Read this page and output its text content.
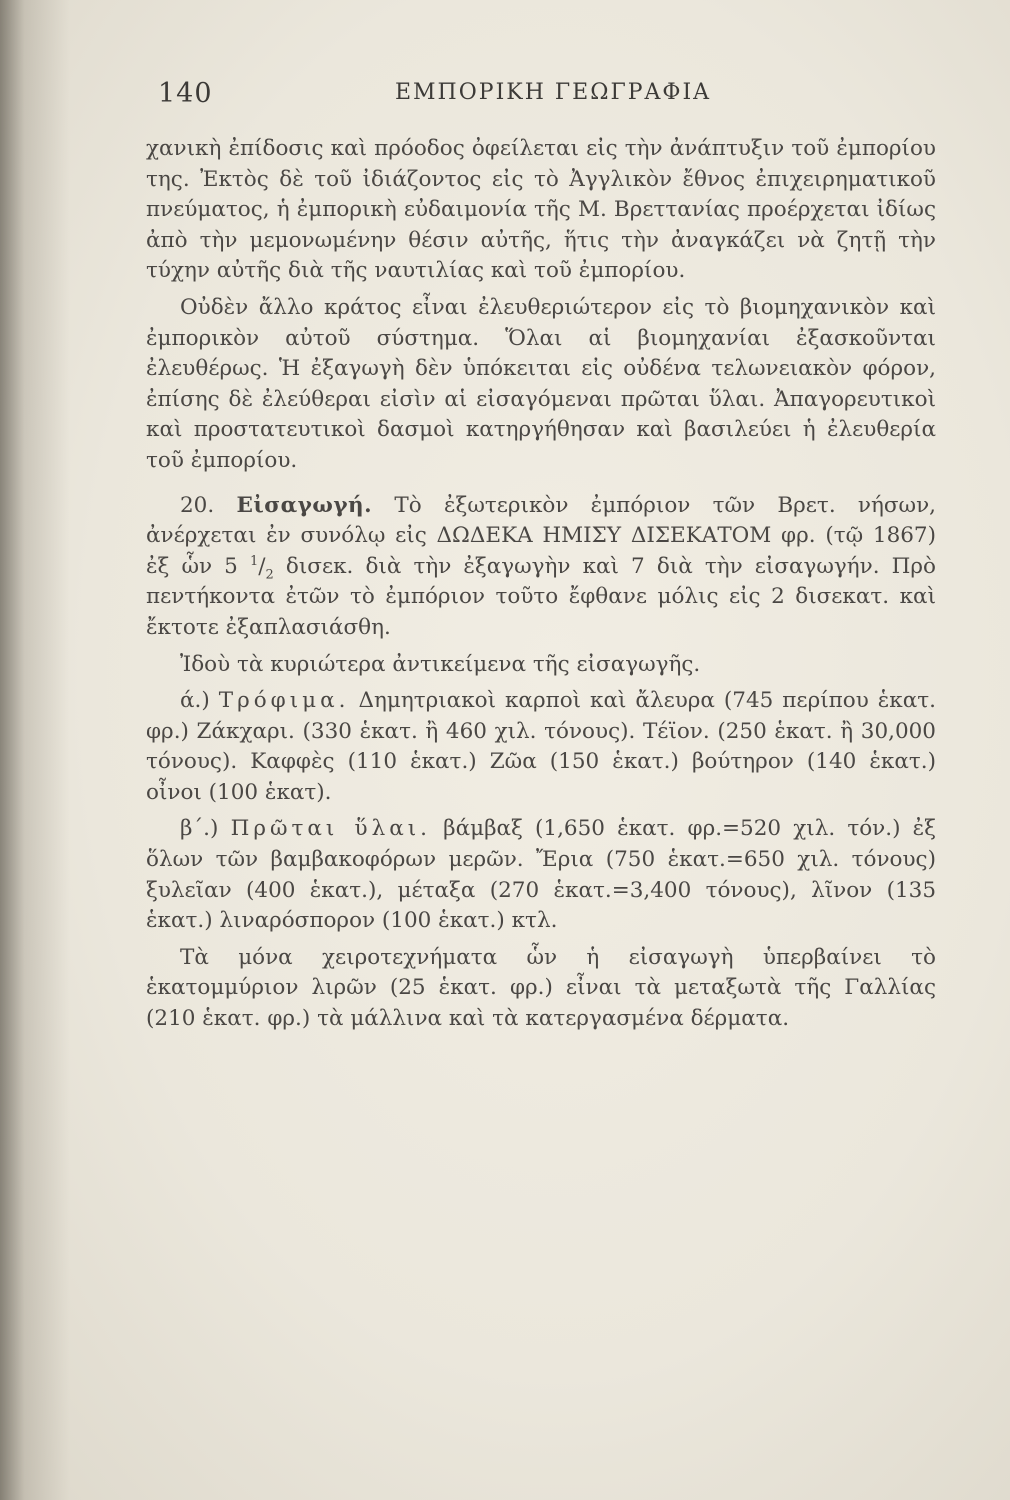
140	ΕΜΠΟΡΙΚΗ ΓΕΩΓΡΑΦΙΑ

χανικὴ ἐπίδοσις καὶ πρόοδος ὀφείλεται εἰς τὴν ἀνάπτυξιν τοῦ ἐμπορίου της. Ἐκτὸς δὲ τοῦ ἰδιάζοντος εἰς τὸ Ἀγγλικὸν ἔθνος ἐπιχειρηματικοῦ πνεύματος, ἡ ἐμπορικὴ εὐδαιμονία τῆς Μ. Βρεττανίας προέρχεται ἰδίως ἀπὸ τὴν μεμονωμένην θέσιν αὐτῆς, ἥτις τὴν ἀναγκάζει νὰ ζητῇ τὴν τύχην αὐτῆς διὰ τῆς ναυτιλίας καὶ τοῦ ἐμπορίου.

Οὐδὲν ἄλλο κράτος εἶναι ἐλευθεριώτερον εἰς τὸ βιομηχανικὸν καὶ ἐμπορικὸν αὐτοῦ σύστημα. Ὅλαι αἱ βιομηχανίαι ἐξασκοῦνται ἐλευθέρως. Ἡ ἐξαγωγὴ δὲν ὑπόκειται εἰς οὐδένα τελωνειακὸν φόρον, ἐπίσης δὲ ἐλεύθεραι εἰσὶν αἱ εἰσαγόμεναι πρῶται ὕλαι. Ἀπαγορευτικοὶ καὶ προστατευτικοὶ δασμοὶ κατηργήθησαν καὶ βασιλεύει ἡ ἐλευθερία τοῦ ἐμπορίου.

20. Εἰσαγωγή. Τὸ ἐξωτερικὸν ἐμπόριον τῶν Βρετ. νήσων, ἀνέρχεται ἐν συνόλῳ εἰς ΔΩΔΕΚΑ ΗΜΙΣΥ ΔΙΣΕΚΑΤΟΜ φρ. (τῷ 1867) ἐξ ὧν 5 $^1/_2$ δισεκ. διὰ τὴν ἐξαγωγὴν καὶ 7 διὰ τὴν εἰσαγωγήν. Πρὸ πεντήκοντα ἐτῶν τὸ ἐμπόριον τοῦτο ἔφθανε μόλις εἰς 2 δισεκατ. καὶ ἔκτοτε ἐξαπλασιάσθη.

Ἰδοὺ τὰ κυριώτερα ἀντικείμενα τῆς εἰσαγωγῆς.

ά.) Τρόφιμα. Δημητριακοὶ καρποὶ καὶ ἄλευρα (745 περίπου ἑκατ. φρ.) Ζάκχαρι. (330 ἑκατ. ἢ 460 χιλ. τόνους). Τέϊον. (250 ἑκατ. ἢ 30,000 τόνους). Καφφὲς (110 ἑκατ.) Ζῶα (150 ἑκατ.) βούτηρον (140 ἑκατ.) οἶνοι (100 ἑκατ).

β΄.) Πρῶται ὕλαι. βάμβαξ (1,650 ἑκατ. φρ.=520 χιλ. τόν.) ἐξ ὅλων τῶν βαμβακοφόρων μερῶν. Ἔρια (750 ἑκατ.=650 χιλ. τόνους) ξυλεῖαν (400 ἑκατ.), μέταξα (270 ἑκατ.=3,400 τόνους), λῖνον (135 ἑκατ.) λιναρόσπορον (100 ἑκατ.) κτλ.

Τὰ μόνα χειροτεχνήματα ὧν ἡ εἰσαγωγὴ ὑπερβαίνει τὸ ἑκατομμύριον λιρῶν (25 ἑκατ. φρ.) εἶναι τὰ μεταξωτὰ τῆς Γαλλίας (210 ἑκατ. φρ.) τὰ μάλλινα καὶ τὰ κατεργασμένα δέρματα.
